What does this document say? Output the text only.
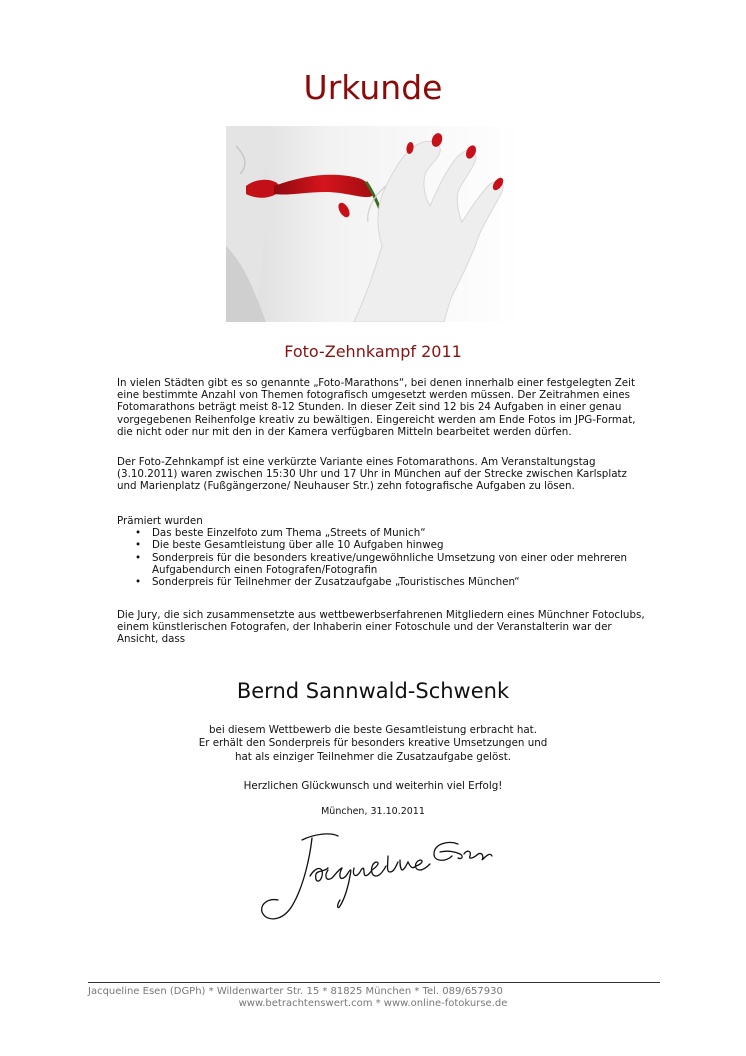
Urkunde
Foto-Zehnkampf 2011
In vielen Städten gibt es so genannte „Foto-Marathons“, bei denen innerhalb einer festgelegten Zeit eine bestimmte Anzahl von Themen fotografisch umgesetzt werden müssen. Der Zeitrahmen eines Fotomarathons beträgt meist 8-12 Stunden. In dieser Zeit sind 12 bis 24 Aufgaben in einer genau vorgegebenen Reihenfolge kreativ zu bewältigen. Eingereicht werden am Ende Fotos im JPG-Format, die nicht oder nur mit den in der Kamera verfügbaren Mitteln bearbeitet werden dürfen.
Der Foto-Zehnkampf ist eine verkürzte Variante eines Fotomarathons. Am Veranstaltungstag (3.10.2011) waren zwischen 15:30 Uhr und 17 Uhr in München auf der Strecke zwischen Karlsplatz und Marienplatz (Fußgängerzone/ Neuhauser Str.) zehn fotografische Aufgaben zu lösen.
Prämiert wurden
• Das beste Einzelfoto zum Thema „Streets of Munich“
• Die beste Gesamtleistung über alle 10 Aufgaben hinweg
• Sonderpreis für die besonders kreative/ungewöhnliche Umsetzung von einer oder mehreren Aufgabendurch einen Fotografen/Fotografin
• Sonderpreis für Teilnehmer der Zusatzaufgabe „Touristisches München“
Die Jury, die sich zusammensetzte aus wettbewerbserfahrenen Mitgliedern eines Münchner Fotoclubs, einem künstlerischen Fotografen, der Inhaberin einer Fotoschule und der Veranstalterin war der Ansicht, dass
Bernd Sannwald-Schwenk
bei diesem Wettbewerb die beste Gesamtleistung erbracht hat.
Er erhält den Sonderpreis für besonders kreative Umsetzungen und
hat als einziger Teilnehmer die Zusatzaufgabe gelöst.
Herzlichen Glückwunsch und weiterhin viel Erfolg!
München, 31.10.2011
Jacqueline Esen (DGPh) * Wildenwarter Str. 15 * 81825 München * Tel. 089/657930
www.betrachtenswert.com * www.online-fotokurse.de
